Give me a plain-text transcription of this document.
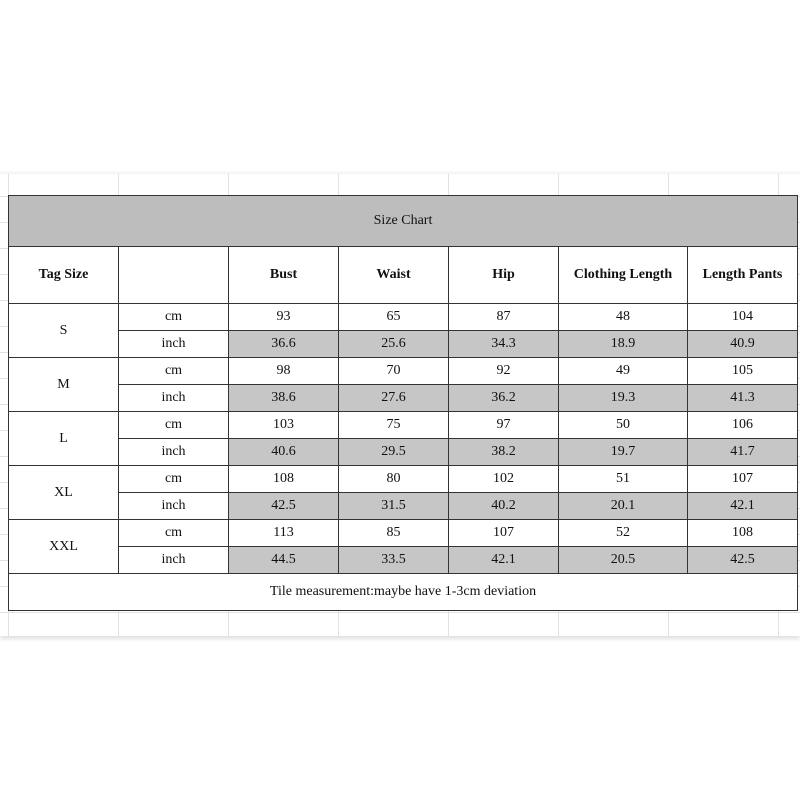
Size Chart						
Tag Size		Bust	Waist	Hip	Clothing Length	Length Pants
S	cm	93	65	87	48	104
	inch	36.6	25.6	34.3	18.9	40.9
M	cm	98	70	92	49	105
	inch	38.6	27.6	36.2	19.3	41.3
L	cm	103	75	97	50	106
	inch	40.6	29.5	38.2	19.7	41.7
XL	cm	108	80	102	51	107
	inch	42.5	31.5	40.2	20.1	42.1
XXL	cm	113	85	107	52	108
	inch	44.5	33.5	42.1	20.5	42.5
Tile measurement:maybe have 1-3cm deviation						
